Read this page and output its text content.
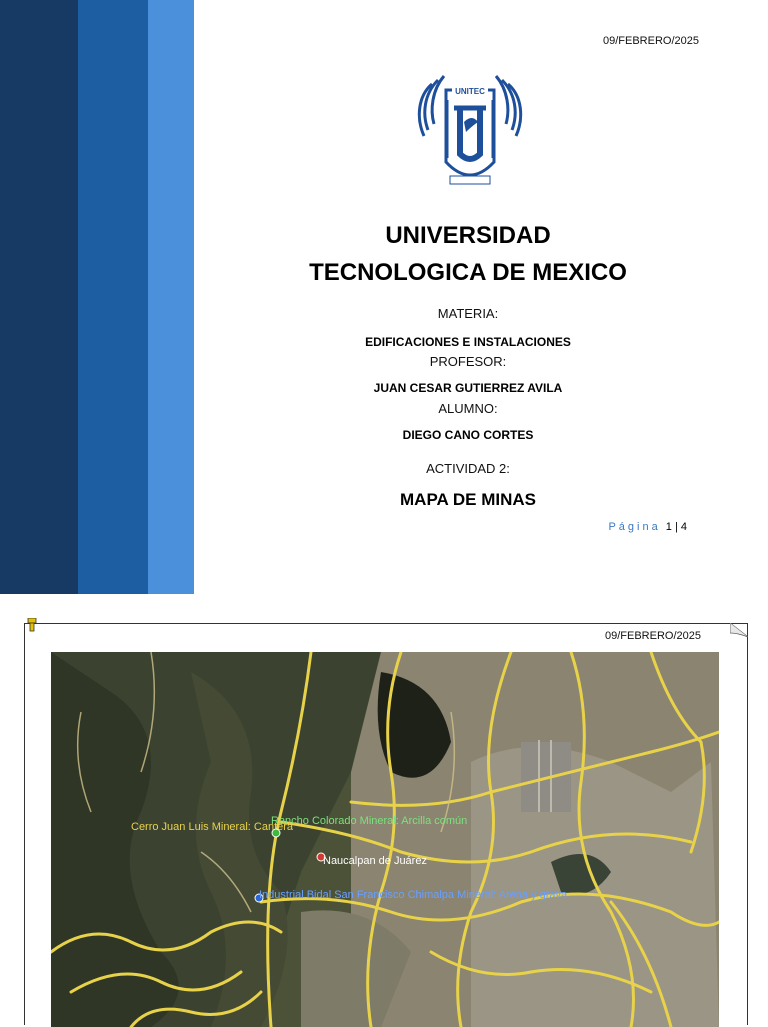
09/FEBRERO/2025
UNITEC
UNIVERSIDAD
TECNOLOGICA DE MEXICO
MATERIA:
EDIFICACIONES E INSTALACIONES
PROFESOR:
JUAN CESAR GUTIERREZ AVILA
ALUMNO:
DIEGO CANO CORTES
ACTIVIDAD 2:
MAPA DE MINAS
Página 1 | 4
09/FEBRERO/2025
Cerro Juan Luis Mineral: Cantera
Rancho Colorado Mineral: Arcilla común
Naucalpan de Juárez
Industrial Bidal San Francisco Chimalpa Mineral: Arena y grava
